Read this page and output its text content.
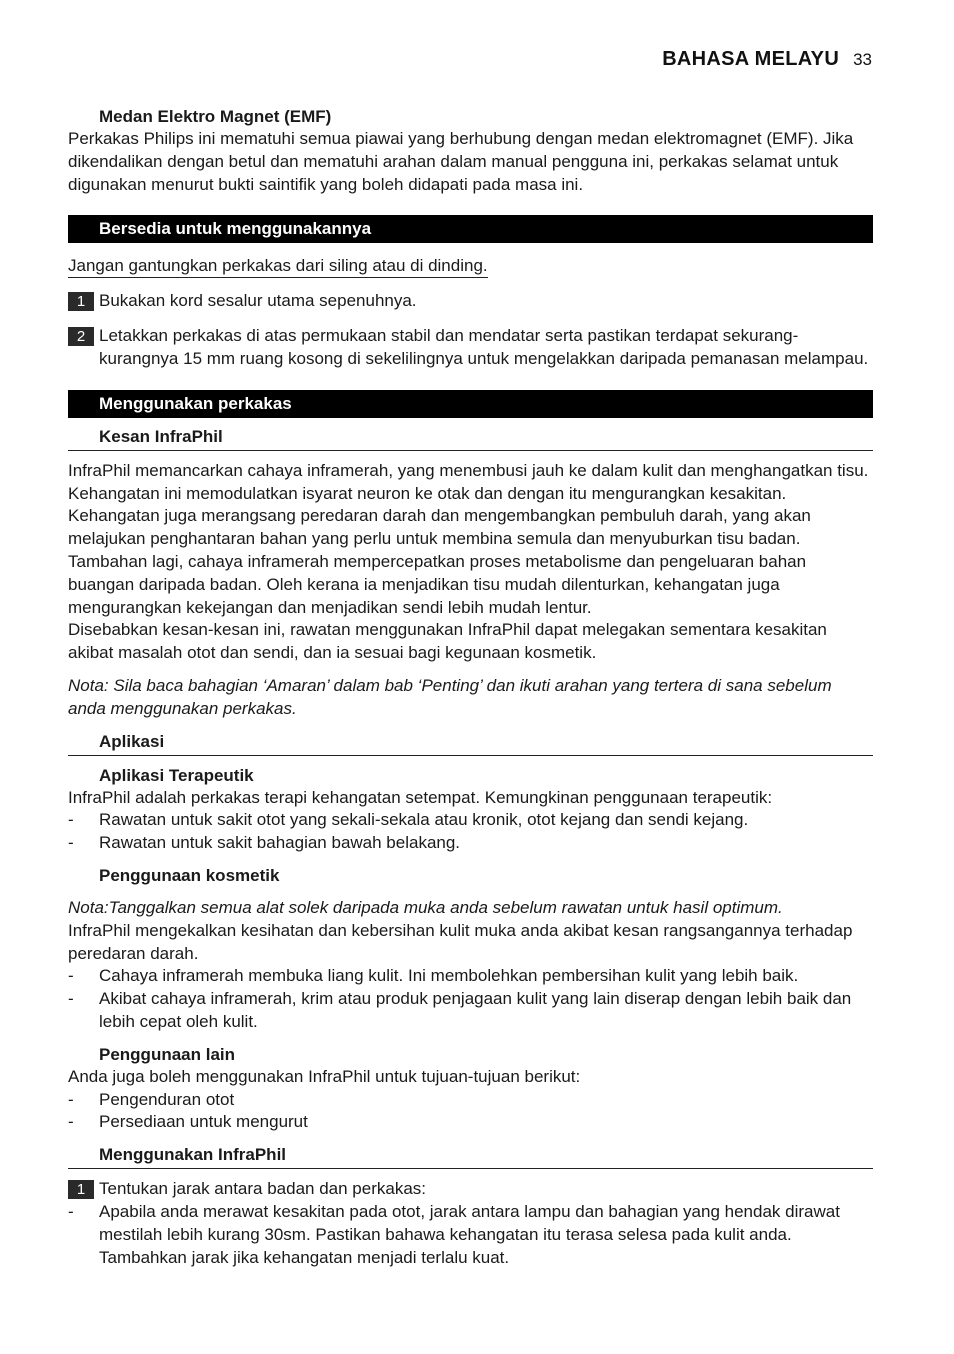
BAHASA MELAYU 33

Medan Elektro Magnet (EMF)

Perkakas Philips ini mematuhi semua piawai yang berhubung dengan medan elektromagnet (EMF). Jika dikendalikan dengan betul dan mematuhi arahan dalam manual pengguna ini, perkakas selamat untuk digunakan menurut bukti saintifik yang boleh didapati pada masa ini.

Bersedia untuk menggunakannya

Jangan gantungkan perkakas dari siling atau di dinding.

1 Bukakan kord sesalur utama sepenuhnya.
2 Letakkan perkakas di atas permukaan stabil dan mendatar serta pastikan terdapat sekurang-kurangnya 15 mm ruang kosong di sekelilingnya untuk mengelakkan daripada pemanasan melampau.
Menggunakan perkakas

Kesan InfraPhil

InfraPhil memancarkan cahaya inframerah, yang menembusi jauh ke dalam kulit dan menghangatkan tisu. Kehangatan ini memodulatkan isyarat neuron ke otak dan dengan itu mengurangkan kesakitan. Kehangatan juga merangsang peredaran darah dan mengembangkan pembuluh darah, yang akan melajukan penghantaran bahan yang perlu untuk membina semula dan menyuburkan tisu badan. Tambahan lagi, cahaya inframerah mempercepatkan proses metabolisme dan pengeluaran bahan buangan daripada badan. Oleh kerana ia menjadikan tisu mudah dilenturkan, kehangatan juga mengurangkan kekejangan dan menjadikan sendi lebih mudah lentur.

Disebabkan kesan-kesan ini, rawatan menggunakan InfraPhil dapat melegakan sementara kesakitan akibat masalah otot dan sendi, dan ia sesuai bagi kegunaan kosmetik.

Nota: Sila baca bahagian ‘Amaran’ dalam bab ‘Penting’ dan ikuti arahan yang tertera di sana sebelum anda menggunakan perkakas.

Aplikasi

Aplikasi Terapeutik

InfraPhil adalah perkakas terapi kehangatan setempat. Kemungkinan penggunaan terapeutik:

- Rawatan untuk sakit otot yang sekali-sekala atau kronik, otot kejang dan sendi kejang.
- Rawatan untuk sakit bahagian bawah belakang.

Penggunaan kosmetik

Nota:Tanggalkan semua alat solek daripada muka anda sebelum rawatan untuk hasil optimum.

InfraPhil mengekalkan kesihatan dan kebersihan kulit muka anda akibat kesan rangsangannya terhadap peredaran darah.

- Cahaya inframerah membuka liang kulit. Ini membolehkan pembersihan kulit yang lebih baik.
- Akibat cahaya inframerah, krim atau produk penjagaan kulit yang lain diserap dengan lebih baik dan lebih cepat oleh kulit.

Penggunaan lain

Anda juga boleh menggunakan InfraPhil untuk tujuan-tujuan berikut:

- Pengenduran otot
- Persediaan untuk mengurut

Menggunakan InfraPhil

1 Tentukan jarak antara badan dan perkakas:
- Apabila anda merawat kesakitan pada otot, jarak antara lampu dan bahagian yang hendak dirawat mestilah lebih kurang 30sm. Pastikan bahawa kehangatan itu terasa selesa pada kulit anda. Tambahkan jarak jika kehangatan menjadi terlalu kuat.
